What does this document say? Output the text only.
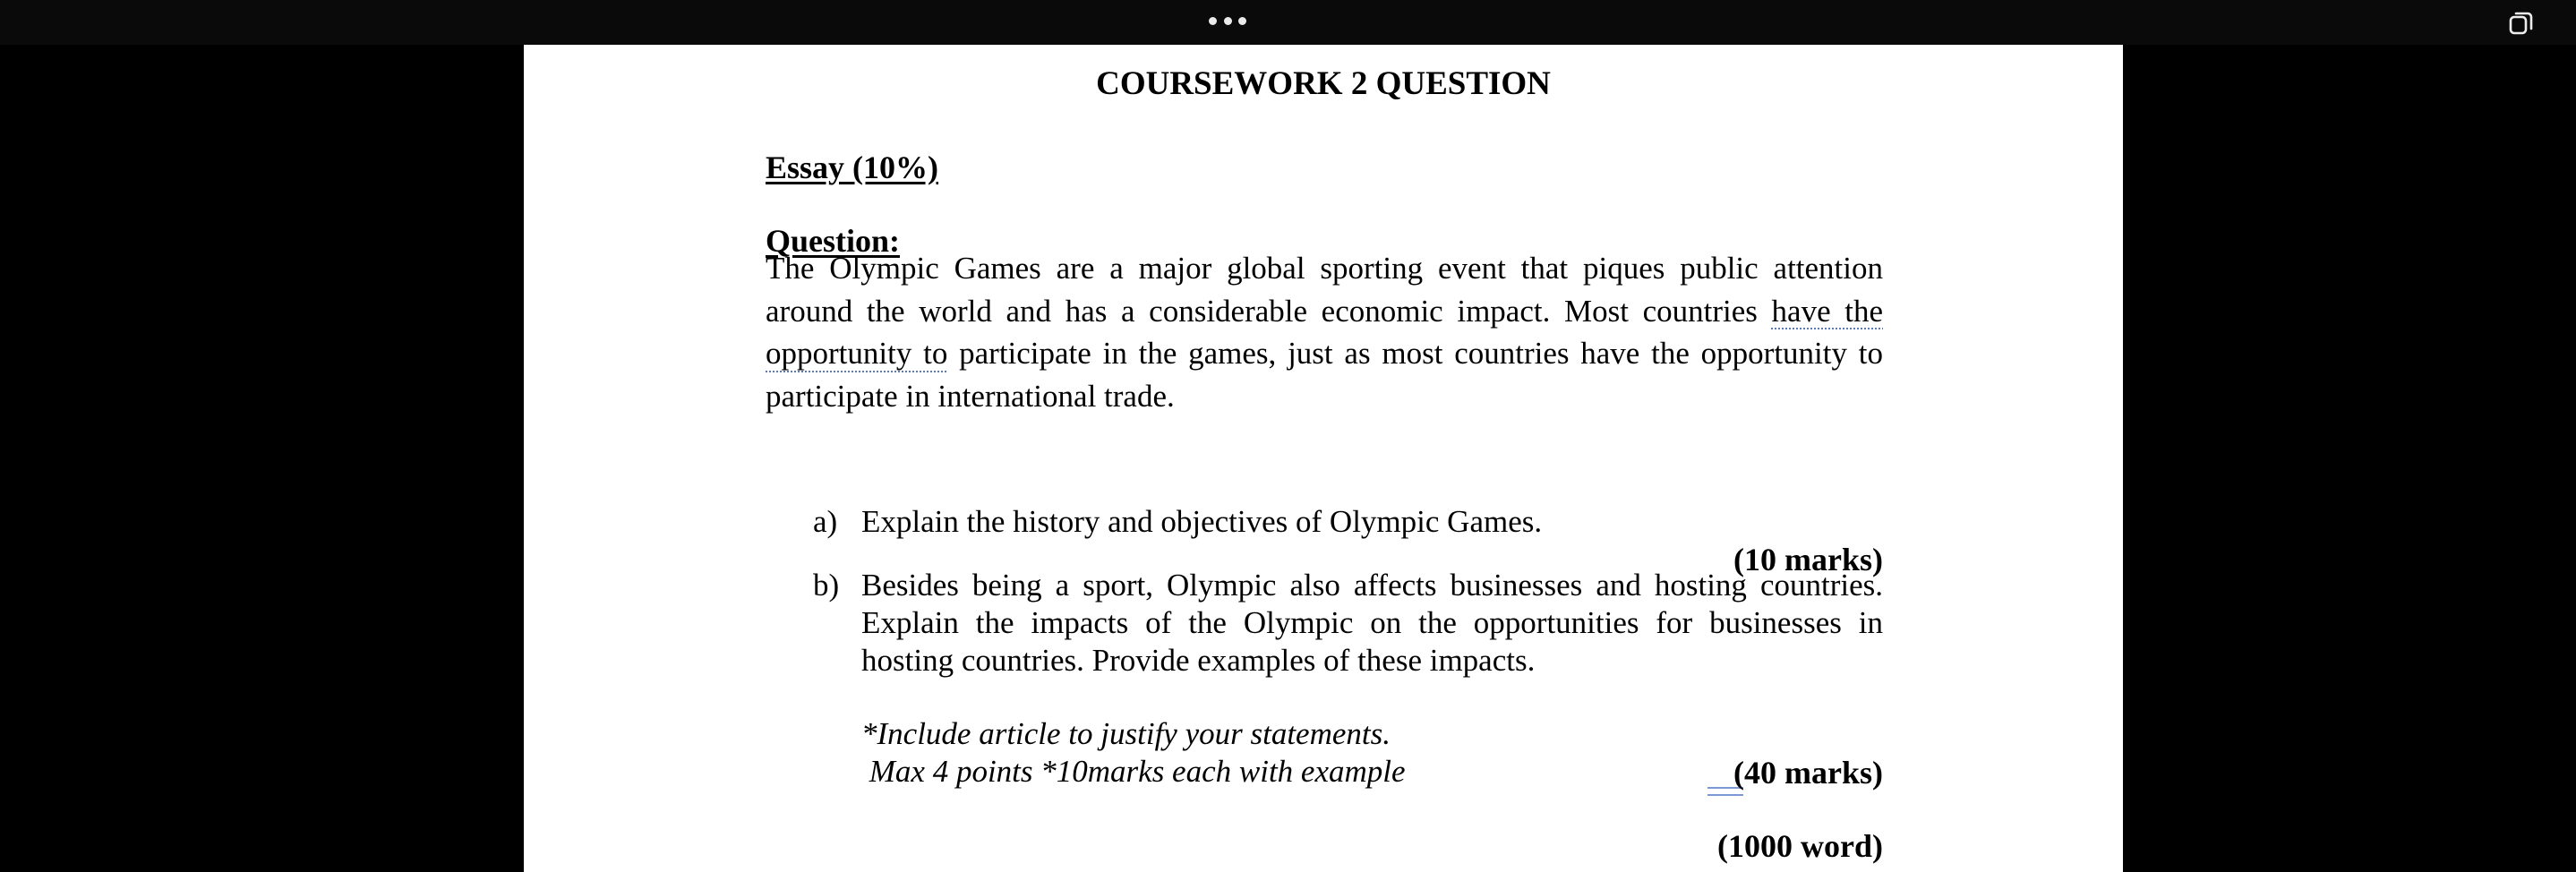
COURSEWORK 2 QUESTION

Essay (10%)

Question:

The Olympic Games are a major global sporting event that piques public attention around the world and has a considerable economic impact. Most countries have the opportunity to participate in the games, just as most countries have the opportunity to participate in international trade.

a) Explain the history and objectives of Olympic Games.
(10 marks)
b) Besides being a sport, Olympic also affects businesses and hosting countries. Explain the impacts of the Olympic on the opportunities for businesses in hosting countries. Provide examples of these impacts.

*Include article to justify your statements.
Max 4 points *10marks each with example	(40 marks)
(1000 word)
